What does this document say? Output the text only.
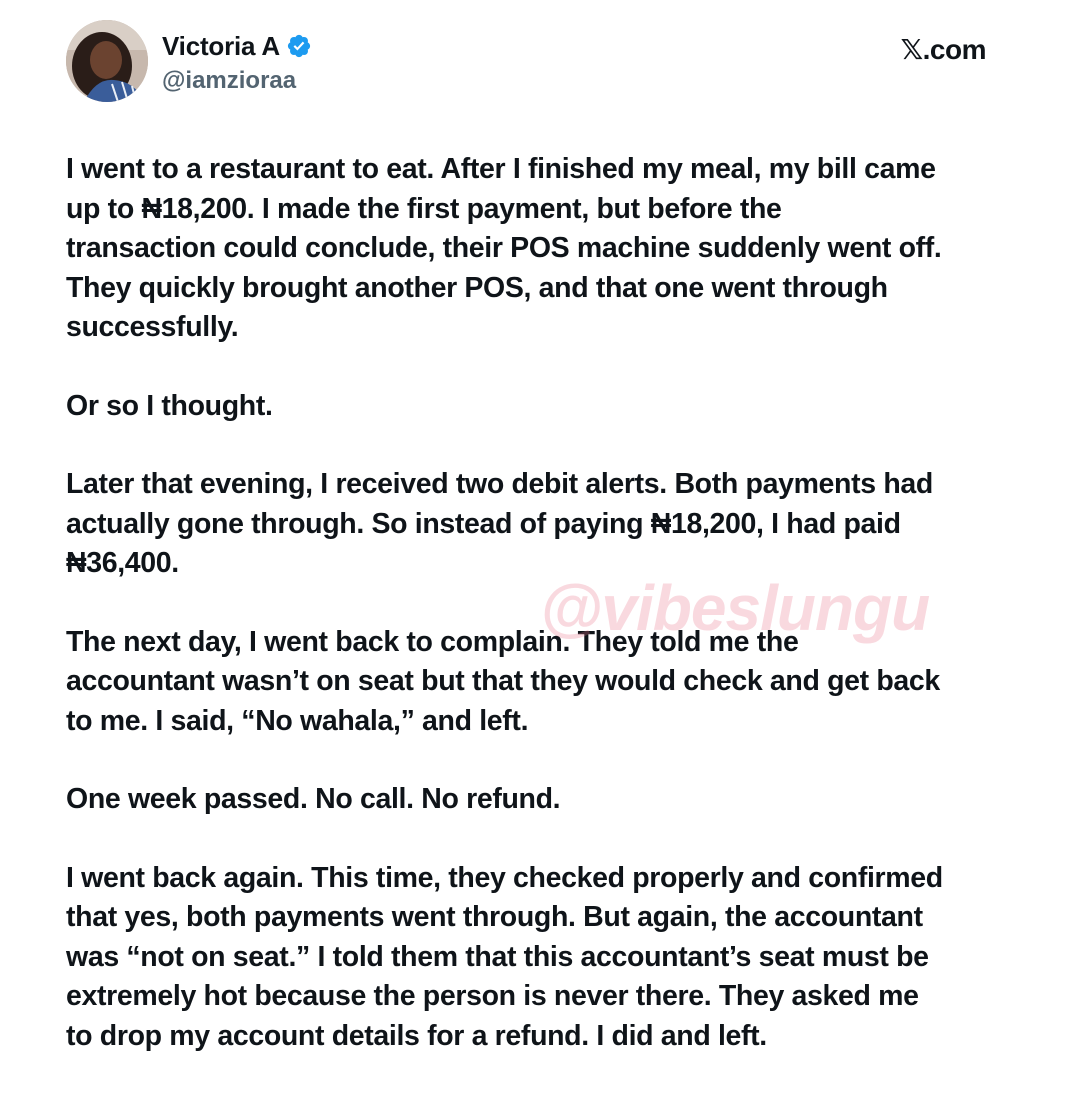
Victoria A
@iamzioraa
𝕏.com

I went to a restaurant to eat. After I finished my meal, my bill came
up to ₦18,200. I made the first payment, but before the
transaction could conclude, their POS machine suddenly went off.
They quickly brought another POS, and that one went through
successfully.

Or so I thought.

Later that evening, I received two debit alerts. Both payments had
actually gone through. So instead of paying ₦18,200, I had paid
₦36,400.

The next day, I went back to complain. They told me the
accountant wasn’t on seat but that they would check and get back
to me. I said, “No wahala,” and left.

One week passed. No call. No refund.

I went back again. This time, they checked properly and confirmed
that yes, both payments went through. But again, the accountant
was “not on seat.” I told them that this accountant’s seat must be
extremely hot because the person is never there. They asked me
to drop my account details for a refund. I did and left.

@vibeslungu
